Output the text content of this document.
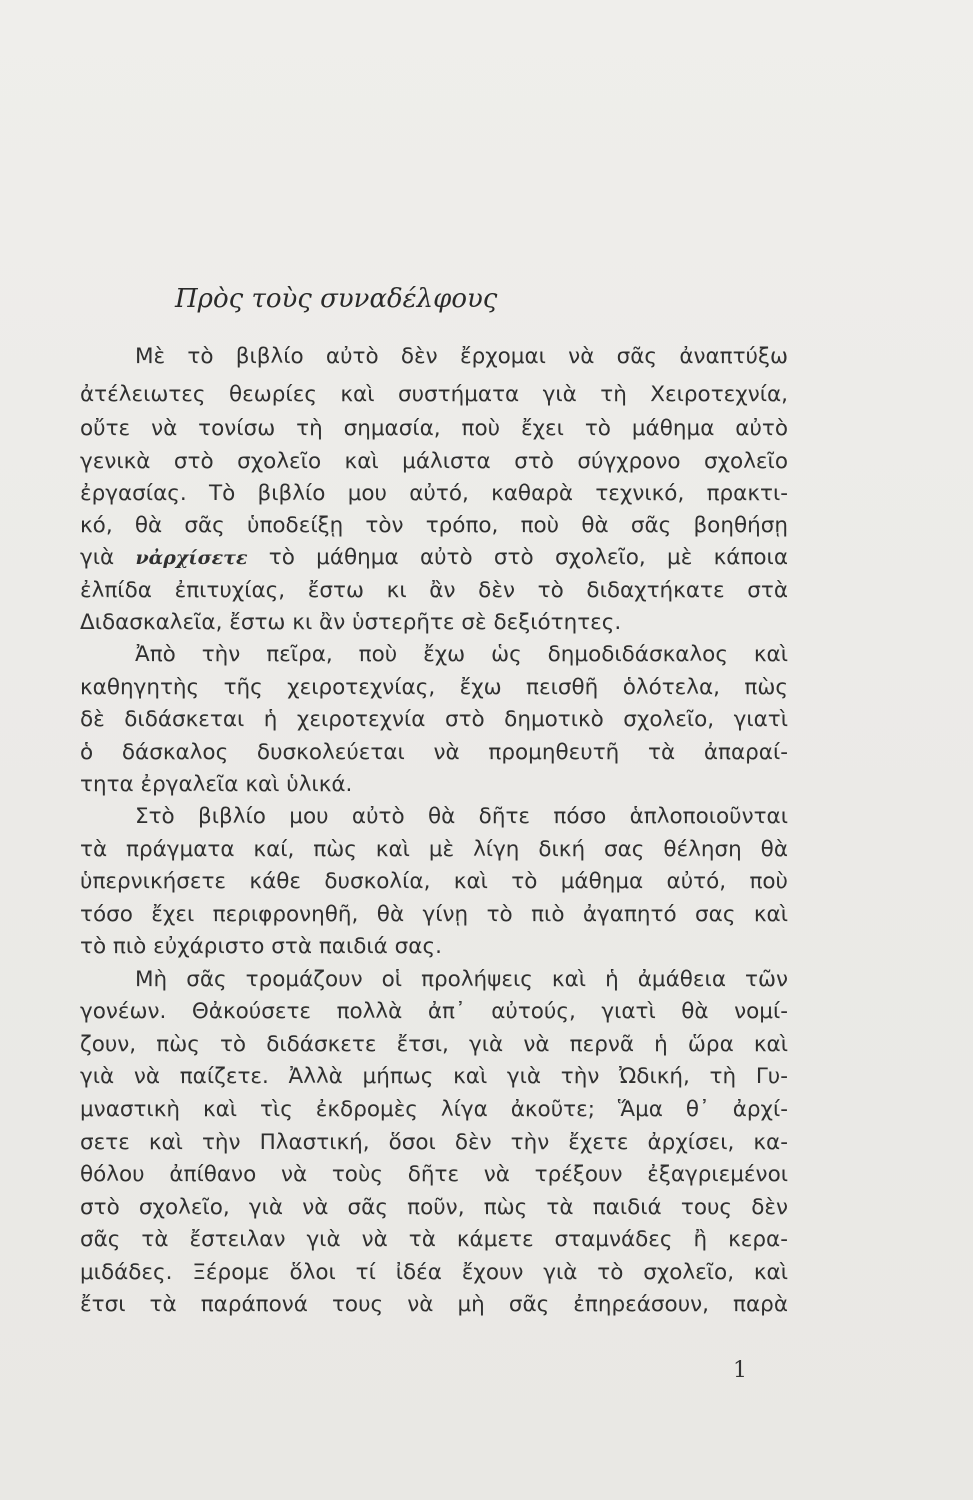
Πρὸς τοὺς συναδέλφους
Μὲ τὸ βιβλίο αὐτὸ δὲν ἔρχομαι νὰ σᾶς ἀναπτύξω
ἀτέλειωτες θεωρίες καὶ συστήματα γιὰ τὴ Χειροτεχνία,
οὔτε νὰ τονίσω τὴ σημασία, ποὺ ἔχει τὸ μάθημα αὐτὸ
γενικὰ στὸ σχολεῖο καὶ μάλιστα στὸ σύγχρονο σχολεῖο
ἐργασίας. Τὸ βιβλίο μου αὐτό, καθαρὰ τεχνικό, πρακτι-
κό, θὰ σᾶς ὑποδείξῃ τὸν τρόπο, ποὺ θὰ σᾶς βοηθήσῃ
γιὰ νἀρχίσετε τὸ μάθημα αὐτὸ στὸ σχολεῖο, μὲ κάποια
ἐλπίδα ἐπιτυχίας, ἔστω κι ἂν δὲν τὸ διδαχτήκατε στὰ
Διδασκαλεῖα, ἔστω κι ἂν ὑστερῆτε σὲ δεξιότητες.
Ἀπὸ τὴν πεῖρα, ποὺ ἔχω ὡς δημοδιδάσκαλος καὶ
καθηγητὴς τῆς χειροτεχνίας, ἔχω πεισθῆ ὁλότελα, πὼς
δὲ διδάσκεται ἡ χειροτεχνία στὸ δημοτικὸ σχολεῖο, γιατὶ
ὁ δάσκαλος δυσκολεύεται νὰ προμηθευτῆ τὰ ἀπαραί-
τητα ἐργαλεῖα καὶ ὑλικά.
Στὸ βιβλίο μου αὐτὸ θὰ δῆτε πόσο ἁπλοποιοῦνται
τὰ πράγματα καί, πὼς καὶ μὲ λίγη δική σας θέληση θὰ
ὑπερνικήσετε κάθε δυσκολία, καὶ τὸ μάθημα αὐτό, ποὺ
τόσο ἔχει περιφρονηθῆ, θὰ γίνῃ τὸ πιὸ ἀγαπητό σας καὶ
τὸ πιὸ εὐχάριστο στὰ παιδιά σας.
Μὴ σᾶς τρομάζουν οἱ προλήψεις καὶ ἡ ἀμάθεια τῶν
γονέων. Θἀκούσετε πολλὰ ἀπ᾿ αὐτούς, γιατὶ θὰ νομί-
ζουν, πὼς τὸ διδάσκετε ἔτσι, γιὰ νὰ περνᾶ ἡ ὥρα καὶ
γιὰ νὰ παίζετε. Ἀλλὰ μήπως καὶ γιὰ τὴν Ὠδική, τὴ Γυ-
μναστικὴ καὶ τὶς ἐκδρομὲς λίγα ἀκοῦτε; Ἅμα θ᾿ ἀρχί-
σετε καὶ τὴν Πλαστική, ὅσοι δὲν τὴν ἔχετε ἀρχίσει, κα-
θόλου ἀπίθανο νὰ τοὺς δῆτε νὰ τρέξουν ἐξαγριεμένοι
στὸ σχολεῖο, γιὰ νὰ σᾶς ποῦν, πὼς τὰ παιδιά τους δὲν
σᾶς τὰ ἔστειλαν γιὰ νὰ τὰ κάμετε σταμνάδες ἢ κερα-
μιδάδες. Ξέρομε ὅλοι τί ἰδέα ἔχουν γιὰ τὸ σχολεῖο, καὶ
ἔτσι τὰ παράπονά τους νὰ μὴ σᾶς ἐπηρεάσουν, παρὰ
1
